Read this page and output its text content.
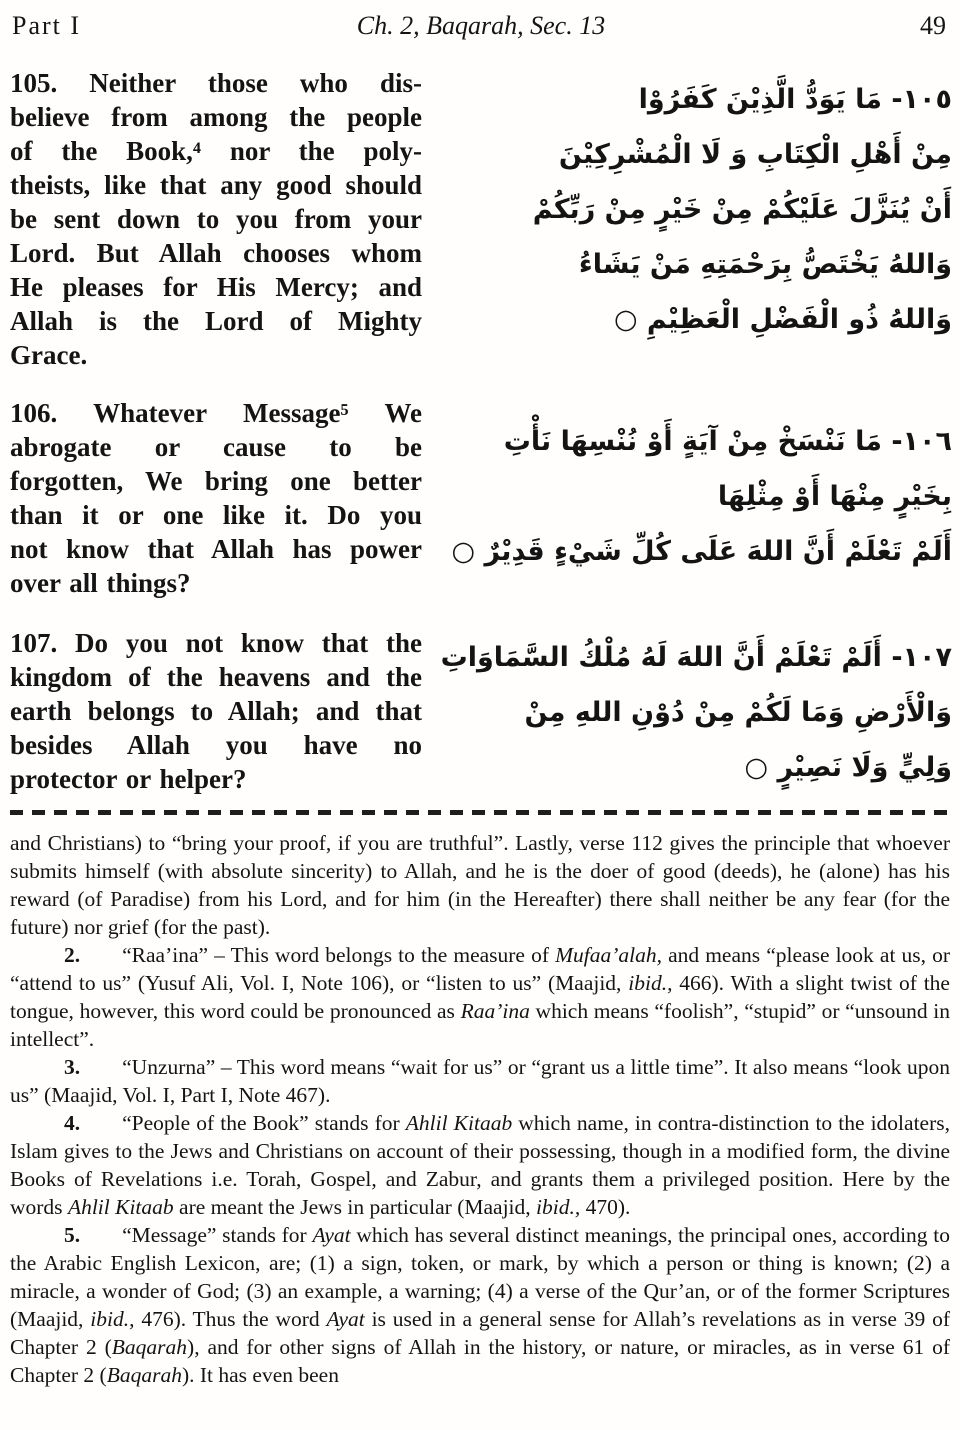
Part I	Ch. 2, Baqarah, Sec. 13	49
105. Neither those who dis-
believe from among the people
of the Book,⁴ nor the poly-
theists, like that any good should
be sent down to you from your
Lord. But Allah chooses whom
He pleases for His Mercy; and
Allah is the Lord of Mighty
Grace.
١٠٥- مَا يَوَدُّ الَّذِيْنَ كَفَرُوْا
مِنْ أَهْلِ الْكِتَابِ وَ لَا الْمُشْرِكِيْنَ
أَنْ يُنَزَّلَ عَلَيْكُمْ مِنْ خَيْرٍ مِنْ رَبِّكُمْ
وَاللهُ يَخْتَصُّ بِرَحْمَتِهِ مَنْ يَشَاءُ
وَاللهُ ذُو الْفَضْلِ الْعَظِيْمِ ○
106. Whatever Message⁵ We
abrogate or cause to be
forgotten, We bring one better
than it or one like it. Do you
not know that Allah has power
over all things?
١٠٦- مَا نَنْسَخْ مِنْ آيَةٍ أَوْ نُنْسِهَا نَأْتِ
بِخَيْرٍ مِنْهَا أَوْ مِثْلِهَا
أَلَمْ تَعْلَمْ أَنَّ اللهَ عَلَى كُلِّ شَيْءٍ قَدِيْرٌ ○
107. Do you not know that the
kingdom of the heavens and the
earth belongs to Allah; and that
besides Allah you have no
protector or helper?
١٠٧- أَلَمْ تَعْلَمْ أَنَّ اللهَ لَهُ مُلْكُ السَّمَاوَاتِ
وَالْأَرْضِ وَمَا لَكُمْ مِنْ دُوْنِ اللهِ مِنْ
وَلِيٍّ وَلَا نَصِيْرٍ ○

and Christians) to “bring your proof, if you are truthful”. Lastly, verse 112 gives the principle that whoever submits himself (with absolute sincerity) to Allah, and he is the doer of good (deeds), he (alone) has his reward (of Paradise) from his Lord, and for him (in the Hereafter) there shall neither be any fear (for the future) nor grief (for the past).

2. “Raa’ina” – This word belongs to the measure of Mufaa’alah, and means “please look at us, or “attend to us” (Yusuf Ali, Vol. I, Note 106), or “listen to us” (Maajid, ibid., 466). With a slight twist of the tongue, however, this word could be pronounced as Raa’ina which means “foolish”, “stupid” or “unsound in intellect”.

3. “Unzurna” – This word means “wait for us” or “grant us a little time”. It also means “look upon us” (Maajid, Vol. I, Part I, Note 467).

4. “People of the Book” stands for Ahlil Kitaab which name, in contra-distinction to the idolaters, Islam gives to the Jews and Christians on account of their possessing, though in a modified form, the divine Books of Revelations i.e. Torah, Gospel, and Zabur, and grants them a privileged position. Here by the words Ahlil Kitaab are meant the Jews in particular (Maajid, ibid., 470).

5. “Message” stands for Ayat which has several distinct meanings, the principal ones, according to the Arabic English Lexicon, are; (1) a sign, token, or mark, by which a person or thing is known; (2) a miracle, a wonder of God; (3) an example, a warning; (4) a verse of the Qur’an, or of the former Scriptures (Maajid, ibid., 476). Thus the word Ayat is used in a general sense for Allah’s revelations as in verse 39 of Chapter 2 (Baqarah), and for other signs of Allah in the history, or nature, or miracles, as in verse 61 of Chapter 2 (Baqarah). It has even been
